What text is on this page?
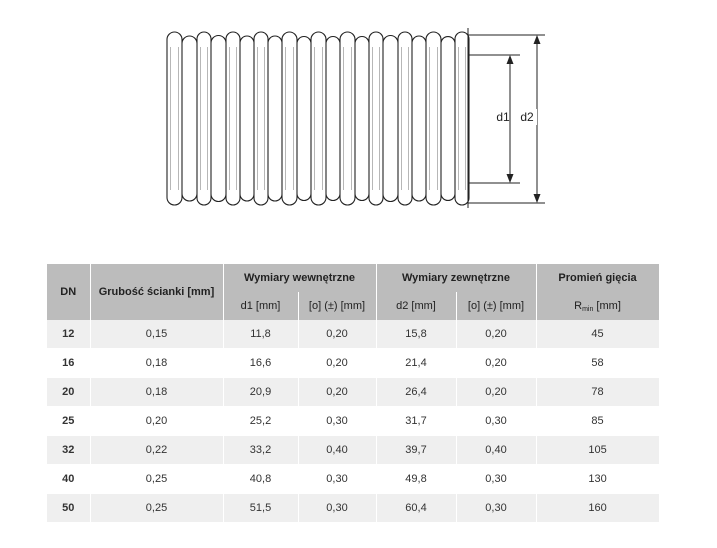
d1 d2
DN	Grubość ścianki [mm]	Wymiary wewnętrzne		Wymiary zewnętrzne		Promień gięcia
		d1 [mm]	[o] (±) [mm]	d2 [mm]	[o] (±) [mm]	Rmin [mm]
12	0,15	11,8	0,20	15,8	0,20	45
16	0,18	16,6	0,20	21,4	0,20	58
20	0,18	20,9	0,20	26,4	0,20	78
25	0,20	25,2	0,30	31,7	0,30	85
32	0,22	33,2	0,40	39,7	0,40	105
40	0,25	40,8	0,30	49,8	0,30	130
50	0,25	51,5	0,30	60,4	0,30	160
